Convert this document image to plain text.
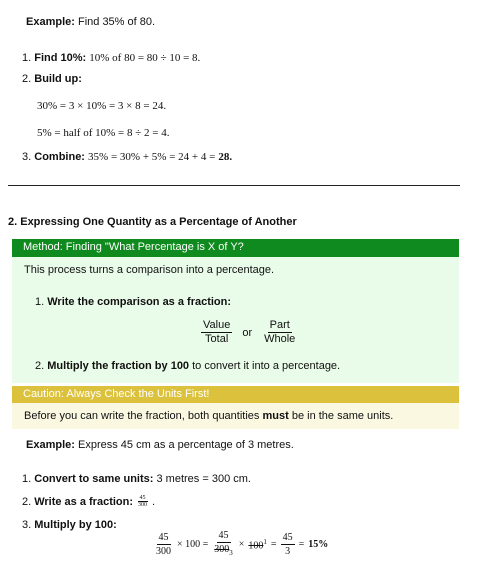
Example: Find 35% of 80.
1. Find 10%: 10% of 80 = 80 ÷ 10 = 8.
2. Build up:
30% = 3 × 10% = 3 × 8 = 24.
5% = half of 10% = 8 ÷ 2 = 4.
3. Combine: 35% = 30% + 5% = 24 + 4 = 28.
2. Expressing One Quantity as a Percentage of Another
Method: Finding "What Percentage is X of Y?
This process turns a comparison into a percentage.
1. Write the comparison as a fraction:
$\frac{\text{Value}}{\text{Total}}$ or $\frac{\text{Part}}{\text{Whole}}$
2. Multiply the fraction by 100 to convert it into a percentage.
Caution: Always Check the Units First!
Before you can write the fraction, both quantities must be in the same units.
Example: Express 45 cm as a percentage of 3 metres.
1. Convert to same units: 3 metres = 300 cm.
2. Write as a fraction: $\frac{45}{300}$ .
3. Multiply by 100:
$\frac{45}{300} \times 100 = \frac{45}{300_3} \times 100^1 = \frac{45}{3} = 15\%$
